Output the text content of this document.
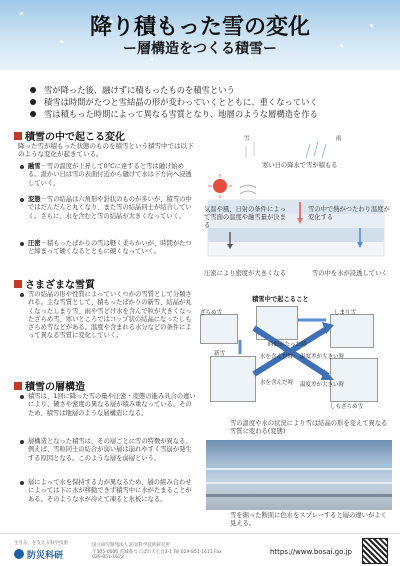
降り積もった雪の変化
ー層構造をつくる積雪ー
雪が降った後、融けずに積もったものを積雪という
積雪は時間がたつと雪結晶の形が変わっていくとともに、重くなっていく
雪は積もった時期によって異なる雪質となり、地層のような層構造を作る
積雪の中で起こる変化
降った雪が積もった状態のものを積雪という積雪中では以下のような変化が起きている。
融雪－雪の温度が上昇して0℃に達すると雪は融け始める。温かい日は雪の表面付近から融けて水は下方向へ浸透していく。
変態－雪の結晶は六角形や針状のものが多いが、積雪の中ではだんだんと丸くなり、また雪の結晶同士が結合していく。さらに、水を含むと雪の結晶が大きくなっていく。
圧密－積もったばかりの雪は軽く柔らかいが、時間がたつと締まって硬くなるとともに硬くなっていく。
さまざまな雪質
雪の結晶の形や性質によっていくつかの雪質として分類される。主な雪質として、積もったばかりの新雪、結晶が丸くなったしまり雪、雨や雪どけ水を含んで粒が大きくなったざらめ雪、寒いところではコップ状の結晶になったしもざらめ雪などがある。温度や含まれる水分などの条件によって異なる雪質に変化していく。
積雪の層構造
積雪は、1回に降った雪の量や圧密・変態の進み具合の違いにより、硬さや密度の異なる層が積み重なっている。そのため、積雪は地層のような層構造になる。
層構造となった積雪は、その層ごとに雪の特徴が異なる。例えば、雪粒同士の結合が弱い層は崩れやすく雪崩が発生する原因となる。このような層を弱層という。
層によって水を保持する力が異なるため、層の組み合わせによっては下に水が移動できず積雪中に水がたまることがある。そのような水が冷えて凍ると氷板になる。
雪	雨
寒い日の降水で雪が積もる
気温や風、日射の条件によって雪面の温度や融雪量が決まる
雪の中で熱がつたわり温度が変化する
圧密により密度が大きくなる	雪の中を水が浸透していく
積雪中で起こること
ざらめ雪	しまり雪
新雪
しもざらめ雪
時間がたった時
水を含んだ時 温度差が大きい時
水を含んだ時 温度差が大きい時
雪の温度や水の状況により雪は結晶の形を変えて異なる雪質に変わる(変態)
雪を掘った断面に色水をスプレーすると層の違いがよく見える。
生きる、を支える科学技術
防災科研
国立研究開発法人 防災科学技術研究所
〒305-0006 茨城県つくば市天王台3-1 Tel 029-851-1611 Fax 029-851-1622
https://www.bosai.go.jp
